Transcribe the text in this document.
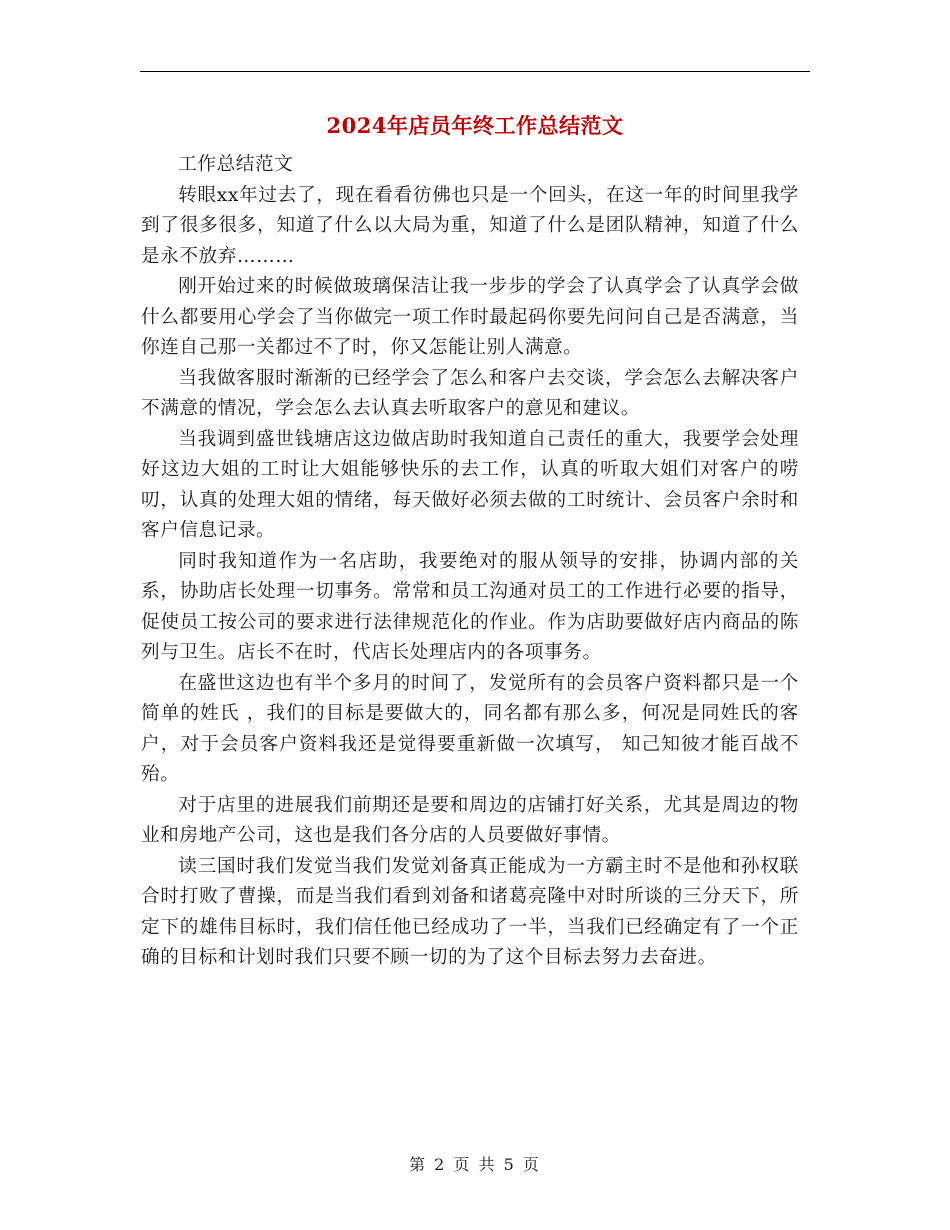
2024年店员年终工作总结范文

工作总结范文

转眼xx年过去了，现在看看彷佛也只是一个回头，在这一年的时间里我学到了很多很多，知道了什么以大局为重，知道了什么是团队精神，知道了什么是永不放弃………

刚开始过来的时候做玻璃保洁让我一步步的学会了认真学会了认真学会做什么都要用心学会了当你做完一项工作时最起码你要先问问自己是否满意，当你连自己那一关都过不了时，你又怎能让别人满意。

当我做客服时渐渐的已经学会了怎么和客户去交谈，学会怎么去解决客户不满意的情况，学会怎么去认真去听取客户的意见和建议。

当我调到盛世钱塘店这边做店助时我知道自己责任的重大，我要学会处理好这边大姐的工时让大姐能够快乐的去工作，认真的听取大姐们对客户的唠叨，认真的处理大姐的情绪，每天做好必须去做的工时统计、会员客户余时和客户信息记录。

同时我知道作为一名店助，我要绝对的服从领导的安排，协调内部的关系，协助店长处理一切事务。常常和员工沟通对员工的工作进行必要的指导，促使员工按公司的要求进行法律规范化的作业。作为店助要做好店内商品的陈列与卫生。店长不在时，代店长处理店内的各项事务。

在盛世这边也有半个多月的时间了，发觉所有的会员客户资料都只是一个简单的姓氏 ，我们的目标是要做大的，同名都有那么多，何况是同姓氏的客户，对于会员客户资料我还是觉得要重新做一次填写， 知己知彼才能百战不殆。

对于店里的进展我们前期还是要和周边的店铺打好关系，尤其是周边的物业和房地产公司，这也是我们各分店的人员要做好事情。

读三国时我们发觉当我们发觉刘备真正能成为一方霸主时不是他和孙权联合时打败了曹操，而是当我们看到刘备和诸葛亮隆中对时所谈的三分天下，所定下的雄伟目标时，我们信任他已经成功了一半，当我们已经确定有了一个正确的目标和计划时我们只要不顾一切的为了这个目标去努力去奋进。

第 2 页 共 5 页
